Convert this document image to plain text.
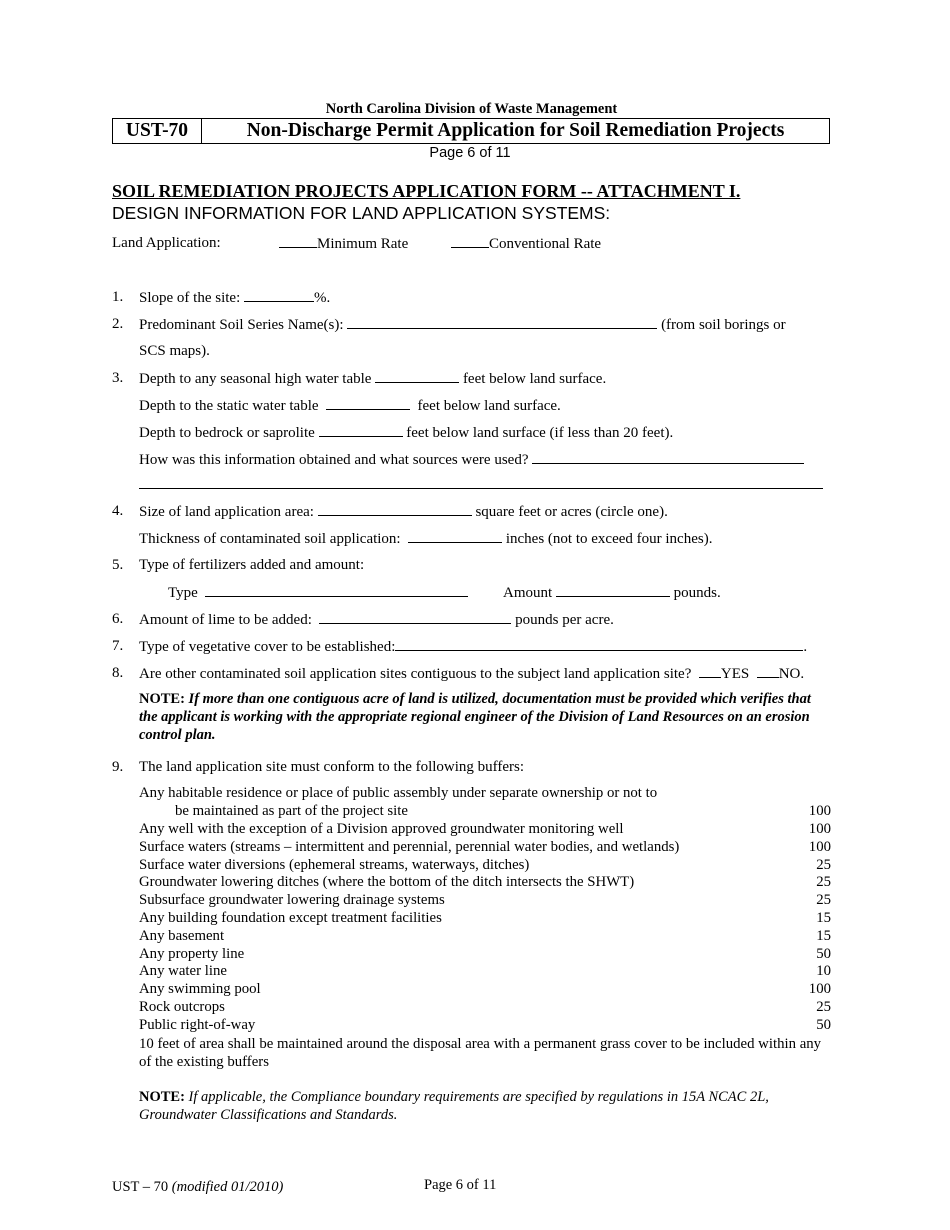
North Carolina Division of Waste Management
UST-70	Non-Discharge Permit Application for Soil Remediation Projects
Page 6 of 11
SOIL REMEDIATION PROJECTS APPLICATION FORM -- ATTACHMENT I.
DESIGN INFORMATION FOR LAND APPLICATION SYSTEMS:
Land Application:	Minimum Rate	Conventional Rate
1. Slope of the site:	%.
2. Predominant Soil Series Name(s):	(from soil borings or
SCS maps).
3. Depth to any seasonal high water table	feet below land surface.
Depth to the static water table	feet below land surface.
Depth to bedrock or saprolite	feet below land surface (if less than 20 feet).
How was this information obtained and what sources were used?
4. Size of land application area:	square feet or acres (circle one).
Thickness of contaminated soil application:	inches (not to exceed four inches).
5. Type of fertilizers added and amount:
Type	Amount	pounds.
6. Amount of lime to be added:	pounds per acre.
7. Type of vegetative cover to be established:	.
8. Are other contaminated soil application sites contiguous to the subject land application site? YES NO.
NOTE: If more than one contiguous acre of land is utilized, documentation must be provided which verifies that the applicant is working with the appropriate regional engineer of the Division of Land Resources on an erosion control plan.
9. The land application site must conform to the following buffers:
Any habitable residence or place of public assembly under separate ownership or not to
be maintained as part of the project site	100
Any well with the exception of a Division approved groundwater monitoring well	100
Surface waters (streams – intermittent and perennial, perennial water bodies, and wetlands)	100
Surface water diversions (ephemeral streams, waterways, ditches)	25
Groundwater lowering ditches (where the bottom of the ditch intersects the SHWT)	25
Subsurface groundwater lowering drainage systems	25
Any building foundation except treatment facilities	15
Any basement	15
Any property line	50
Any water line	10
Any swimming pool	100
Rock outcrops	25
Public right-of-way	50
10 feet of area shall be maintained around the disposal area with a permanent grass cover to be included within any of the existing buffers
NOTE: If applicable, the Compliance boundary requirements are specified by regulations in 15A NCAC 2L, Groundwater Classifications and Standards.
UST – 70 (modified 01/2010)	Page 6 of 11
